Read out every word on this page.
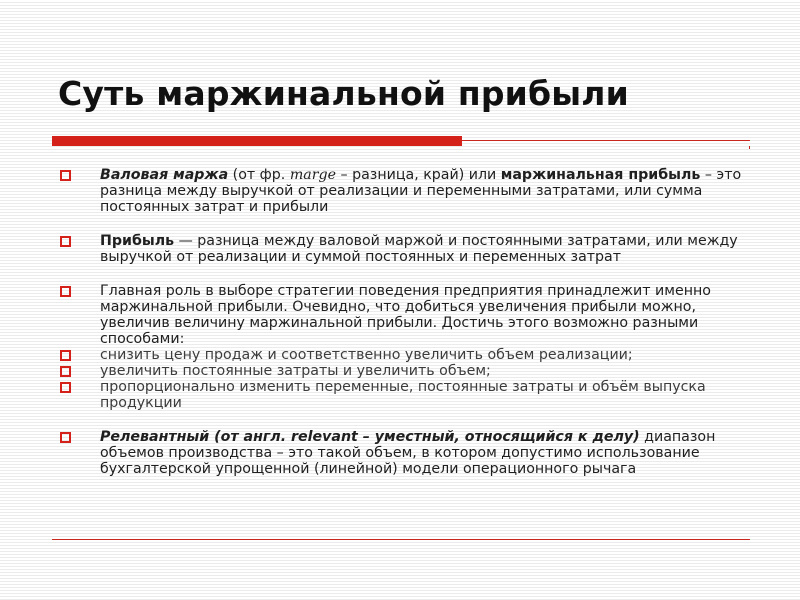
Суть маржинальной прибыли
Валовая маржа (от фр. marge – разница, край) или маржинальная прибыль – это разница между выручкой от реализации и переменными затратами, или сумма постоянных затрат и прибыли
Прибыль — разница между валовой маржой и постоянными затратами, или между выручкой от реализации и суммой постоянных и переменных затрат
Главная роль в выборе стратегии поведения предприятия принадлежит именно маржинальной прибыли. Очевидно, что добиться увеличения прибыли можно, увеличив величину маржинальной прибыли. Достичь этого возможно разными способами:
снизить цену продаж и соответственно увеличить объем реализации;
увеличить постоянные затраты и увеличить объем;
пропорционально изменить переменные, постоянные затраты и объём выпуска продукции
Релевантный (от англ. relevant – уместный, относящийся к делу) диапазон объемов производства – это такой объем, в котором допустимо использование бухгалтерской упрощенной (линейной) модели операционного рычага
